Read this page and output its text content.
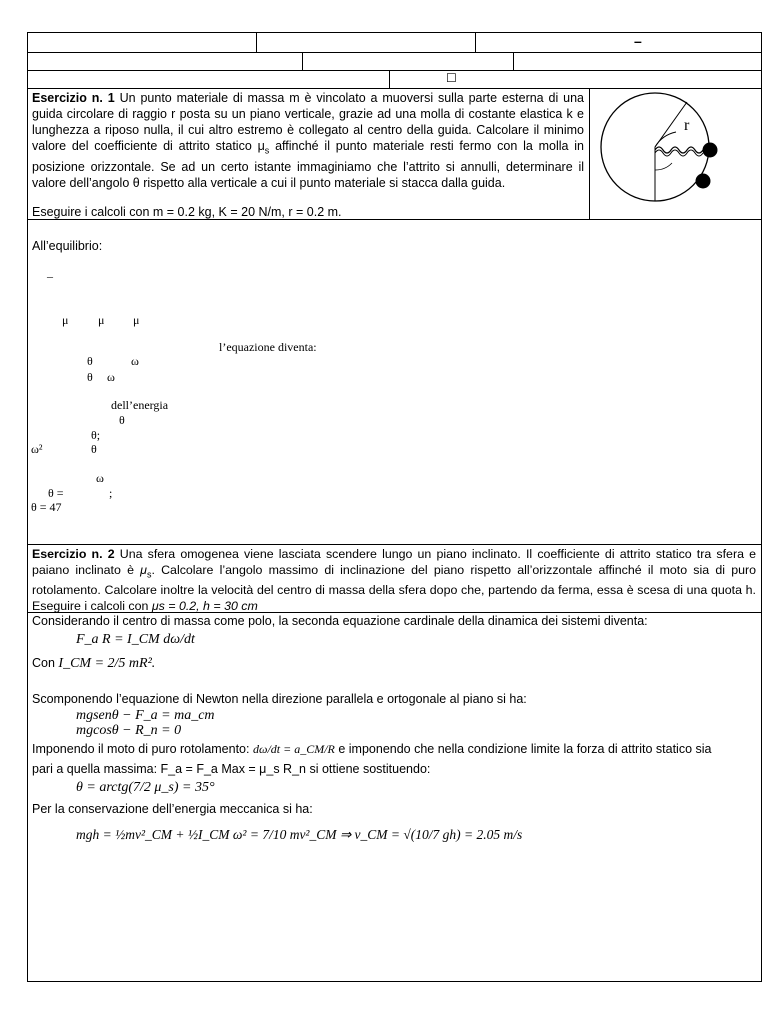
–
☐
Esercizio n. 1 Un punto materiale di massa m è vincolato a muoversi sulla parte esterna di una guida circolare di raggio r posta su un piano verticale, grazie ad una molla di costante elastica k e lunghezza a riposo nulla, il cui altro estremo è collegato al centro della guida. Calcolare il minimo valore del coefficiente di attrito statico $\mu_s$ affinché il punto materiale resti fermo con la molla in posizione orizzontale. Se ad un certo istante immaginiamo che l’attrito si annulli, determinare il valore dell’angolo θ rispetto alla verticale a cui il punto materiale si stacca dalla guida.
Eseguire i calcoli con m = 0.2 kg, K = 20 N/m, r = 0.2 m.
r
All’equilibrio:
–
μ μ μ
l’equazione diventa:
θ	ω
θ ω
dell’energia
θ
θ;
ω²	θ
ω
θ =	;
θ = 47
Esercizio n. 2 Una sfera omogenea viene lasciata scendere lungo un piano inclinato. Il coefficiente di attrito statico tra sfera e paiano inclinato è $\mu_s$. Calcolare l’angolo massimo di inclinazione del piano rispetto all’orizzontale affinché il moto sia di puro rotolamento. Calcolare inoltre la velocità del centro di massa della sfera dopo che, partendo da ferma, essa è scesa di una quota h. Eseguire i calcoli con μs = 0.2, h = 30 cm
Considerando il centro di massa come polo, la seconda equazione cardinale della dinamica dei sistemi diventa:
F_a R = I_CM dω/dt
Con I_CM = 2/5 mR².
Scomponendo l’equazione di Newton nella direzione parallela e ortogonale al piano si ha:
mgsenθ − F_a = ma_cm
mgcosθ − R_n = 0
Imponendo il moto di puro rotolamento: dω/dt = a_CM/R e imponendo che nella condizione limite la forza di attrito statico sia
pari a quella massima: F_a = F_a Max = μ_s R_n si ottiene sostituendo:
θ = arctg(7/2 μ_s) = 35°
Per la conservazione dell’energia meccanica si ha:
mgh = ½mv²_CM + ½I_CM ω² = 7/10 mv²_CM ⇒ v_CM = √(10/7 gh) = 2.05 m/s
